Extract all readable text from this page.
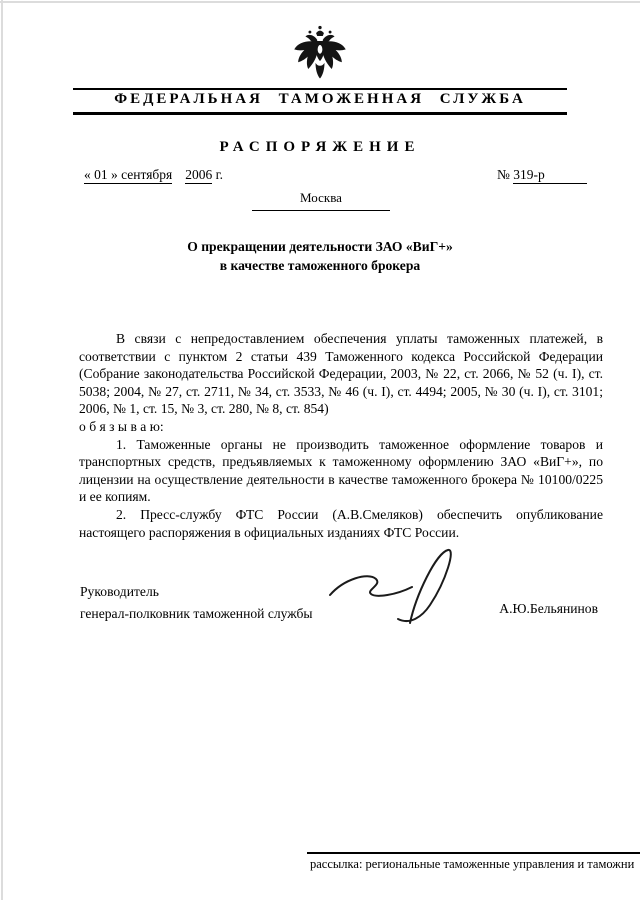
ФЕДЕРАЛЬНАЯ ТАМОЖЕННАЯ СЛУЖБА
РАСПОРЯЖЕНИЕ
« 01 » сентября 2006 г.	№ 319-р
Москва
О прекращении деятельности ЗАО «ВиГ+»
в качестве таможенного брокера

В связи с непредоставлением обеспечения уплаты таможенных платежей, в соответствии с пунктом 2 статьи 439 Таможенного кодекса Российской Федерации (Собрание законодательства Российской Федерации, 2003, № 22, ст. 2066, № 52 (ч. I), ст. 5038; 2004, № 27, ст. 2711, № 34, ст. 3533, № 46 (ч. I), ст. 4494; 2005, № 30 (ч. I), ст. 3101; 2006, № 1, ст. 15, № 3, ст. 280, № 8, ст. 854)

о б я з ы в а ю:

1. Таможенные органы не производить таможенное оформление товаров и транспортных средств, предъявляемых к таможенному оформлению ЗАО «ВиГ+», по лицензии на осуществление деятельности в качестве таможенного брокера № 10100/0225 и ее копиям.

2. Пресс-службу ФТС России (А.В.Смеляков) обеспечить опубликование настоящего распоряжения в официальных изданиях ФТС России.

Руководитель
генерал-полковник таможенной службы	А.Ю.Бельянинов
рассылка: региональные таможенные управления и таможни
